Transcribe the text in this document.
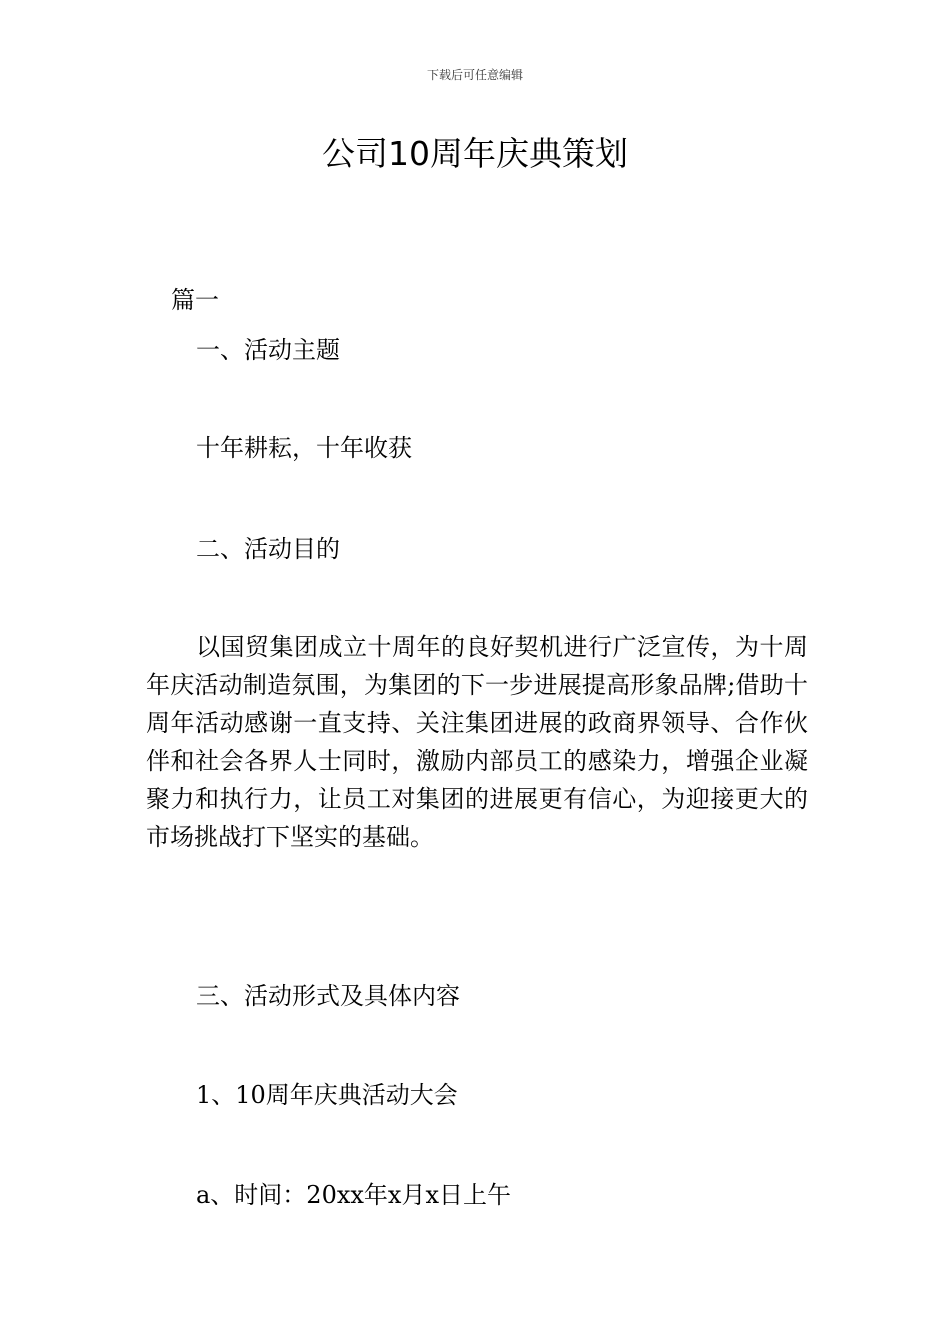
下载后可任意编辑
公司10周年庆典策划
篇一
一、活动主题
十年耕耘，十年收获
二、活动目的

以国贸集团成立十周年的良好契机进行广泛宣传，为十周年庆活动制造氛围，为集团的下一步进展提高形象品牌;借助十周年活动感谢一直支持、关注集团进展的政商界领导、合作伙伴和社会各界人士同时，激励内部员工的感染力，增强企业凝聚力和执行力，让员工对集团的进展更有信心，为迎接更大的市场挑战打下坚实的基础。

三、活动形式及具体内容
1、10周年庆典活动大会
a、时间：20xx年x月x日上午
